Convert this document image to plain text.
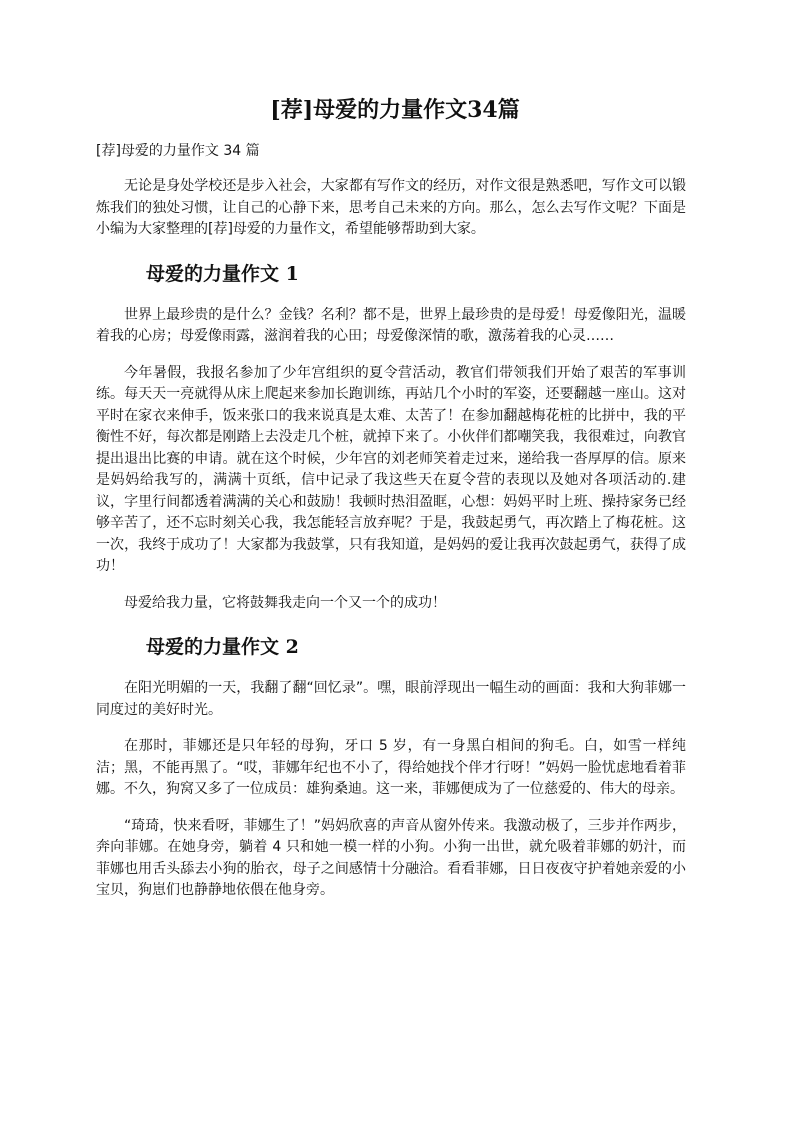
[荐]母爱的力量作文34篇
[荐]母爱的力量作文 34 篇

无论是身处学校还是步入社会，大家都有写作文的经历，对作文很是熟悉吧，写作文可以锻炼我们的独处习惯，让自己的心静下来，思考自己未来的方向。那么，怎么去写作文呢？下面是小编为大家整理的[荐]母爱的力量作文，希望能够帮助到大家。

母爱的力量作文 1

世界上最珍贵的是什么？金钱？名利？都不是，世界上最珍贵的是母爱！母爱像阳光，温暖着我的心房；母爱像雨露，滋润着我的心田；母爱像深情的歌，激荡着我的心灵……

今年暑假，我报名参加了少年宫组织的夏令营活动，教官们带领我们开始了艰苦的军事训练。每天天一亮就得从床上爬起来参加长跑训练，再站几个小时的军姿，还要翻越一座山。这对平时在家衣来伸手，饭来张口的我来说真是太难、太苦了！在参加翻越梅花桩的比拼中，我的平衡性不好，每次都是刚踏上去没走几个桩，就掉下来了。小伙伴们都嘲笑我，我很难过，向教官提出退出比赛的申请。就在这个时候，少年宫的刘老师笑着走过来，递给我一沓厚厚的信。原来是妈妈给我写的，满满十页纸，信中记录了我这些天在夏令营的表现以及她对各项活动的.建议，字里行间都透着满满的关心和鼓励！我顿时热泪盈眶，心想：妈妈平时上班、操持家务已经够辛苦了，还不忘时刻关心我，我怎能轻言放弃呢？于是，我鼓起勇气，再次踏上了梅花桩。这一次，我终于成功了！大家都为我鼓掌，只有我知道，是妈妈的爱让我再次鼓起勇气，获得了成功！

母爱给我力量，它将鼓舞我走向一个又一个的成功！

母爱的力量作文 2

在阳光明媚的一天，我翻了翻“回忆录”。嘿，眼前浮现出一幅生动的画面：我和大狗菲娜一同度过的美好时光。

在那时，菲娜还是只年轻的母狗，牙口 5 岁，有一身黑白相间的狗毛。白，如雪一样纯洁；黑，不能再黑了。“哎，菲娜年纪也不小了，得给她找个伴才行呀！”妈妈一脸忧虑地看着菲娜。不久，狗窝又多了一位成员：雄狗桑迪。这一来，菲娜便成为了一位慈爱的、伟大的母亲。

“琦琦，快来看呀，菲娜生了！”妈妈欣喜的声音从窗外传来。我激动极了，三步并作两步，奔向菲娜。在她身旁，躺着 4 只和她一模一样的小狗。小狗一出世，就允吸着菲娜的奶汁，而菲娜也用舌头舔去小狗的胎衣，母子之间感情十分融洽。看看菲娜，日日夜夜守护着她亲爱的小宝贝，狗崽们也静静地依偎在他身旁。
